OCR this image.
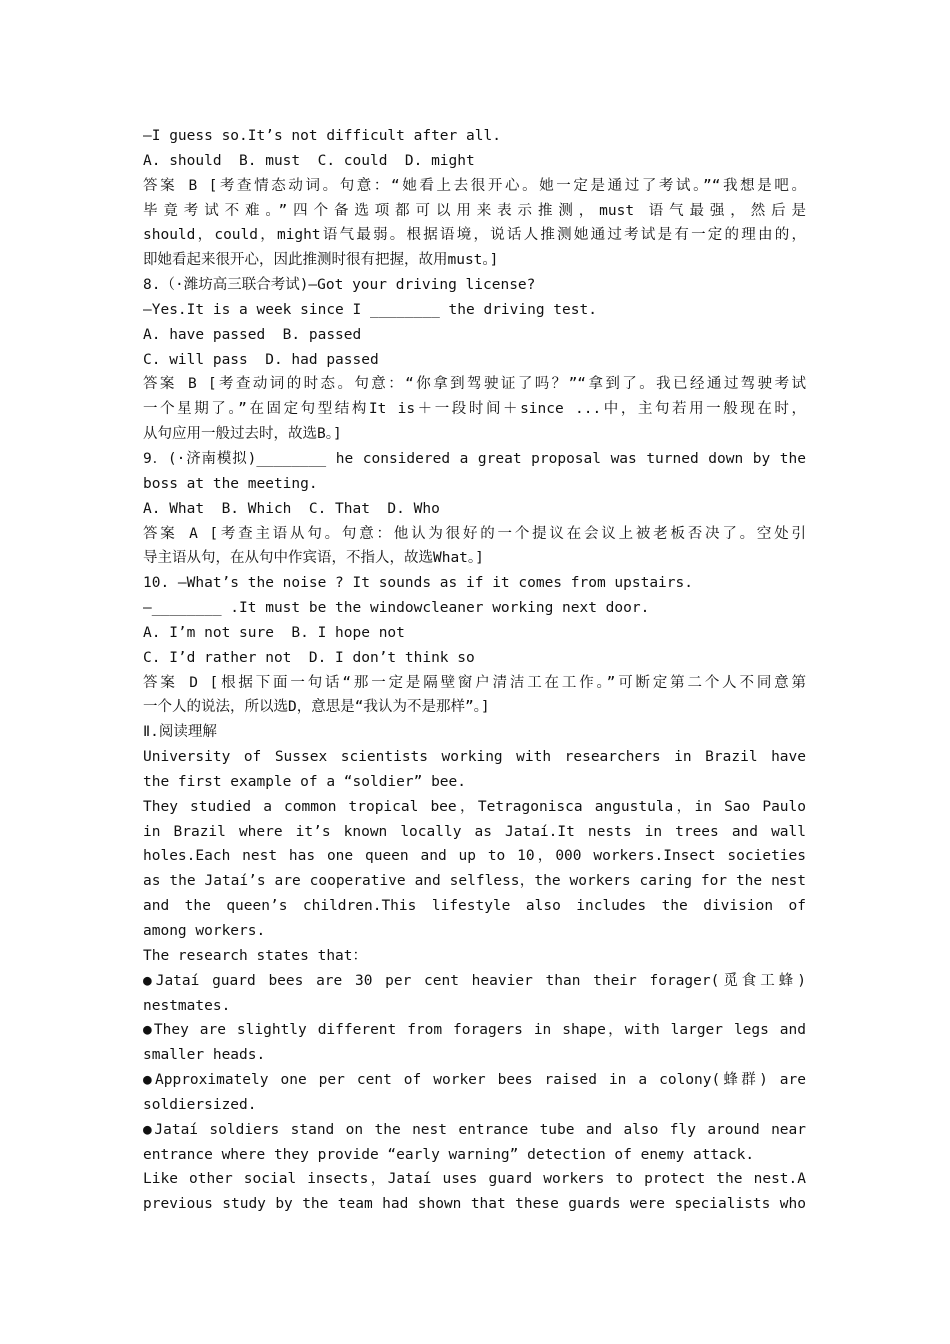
—I guess so.It’s not difficult after all.
A. should  B. must  C. could  D. might
答案 B [考查情态动词。句意：“她看上去很开心。她一定是通过了考试。”“我想是吧。
毕竟考试不难。”四个备选项都可以用来表示推测，must 语气最强，然后是
should，could，might语气最弱。根据语境，说话人推测她通过考试是有一定的理由的，
即她看起来很开心，因此推测时很有把握，故用must。]
8.（·潍坊高三联合考试)—Got your driving license?
—Yes.It is a week since I ________ the driving test.
A. have passed  B. passed
C. will pass  D. had passed
答案 B [考查动词的时态。句意：“你拿到驾驶证了吗？”“拿到了。我已经通过驾驶考试
一个星期了。”在固定句型结构It is＋一段时间＋since ...中，主句若用一般现在时，
从句应用一般过去时，故选B。]
9．(·济南模拟)________ he considered a great proposal was turned down by the
boss at the meeting.
A. What  B. Which  C. That  D. Who
答案 A [考查主语从句。句意：他认为很好的一个提议在会议上被老板否决了。空处引
导主语从句，在从句中作宾语，不指人，故选What。]
10. —What’s the noise ? It sounds as if it comes from upstairs.
—________ .It must be the windowcleaner working next door.
A. I’m not sure  B. I hope not
C. I’d rather not  D. I don’t think so
答案 D [根据下面一句话“那一定是隔壁窗户清洁工在工作。”可断定第二个人不同意第
一个人的说法，所以选D，意思是“我认为不是那样”。]
Ⅱ.阅读理解
University of Sussex scientists working with researchers in Brazil have
the first example of a “soldier” bee.
They studied a common tropical bee，Tetragonisca angustula，in Sao Paulo
in Brazil where it’s known locally as Jataí.It nests in trees and wall
holes.Each nest has one queen and up to 10，000 workers.Insect societies
as the Jataí’s are cooperative and selfless，the workers caring for the nest
and the queen’s children.This lifestyle also includes the division of
among workers.
The research states that：
●Jataí guard bees are 30 per cent heavier than their forager(觅食工蜂)
nestmates.
●They are slightly different from foragers in shape，with larger legs and
smaller heads.
●Approximately one per cent of worker bees raised in a colony(蜂群) are
soldiersized.
●Jataí soldiers stand on the nest entrance tube and also fly around near
entrance where they provide “early warning” detection of enemy attack.
Like other social insects，Jataí uses guard workers to protect the nest.A
previous study by the team had shown that these guards were specialists who
